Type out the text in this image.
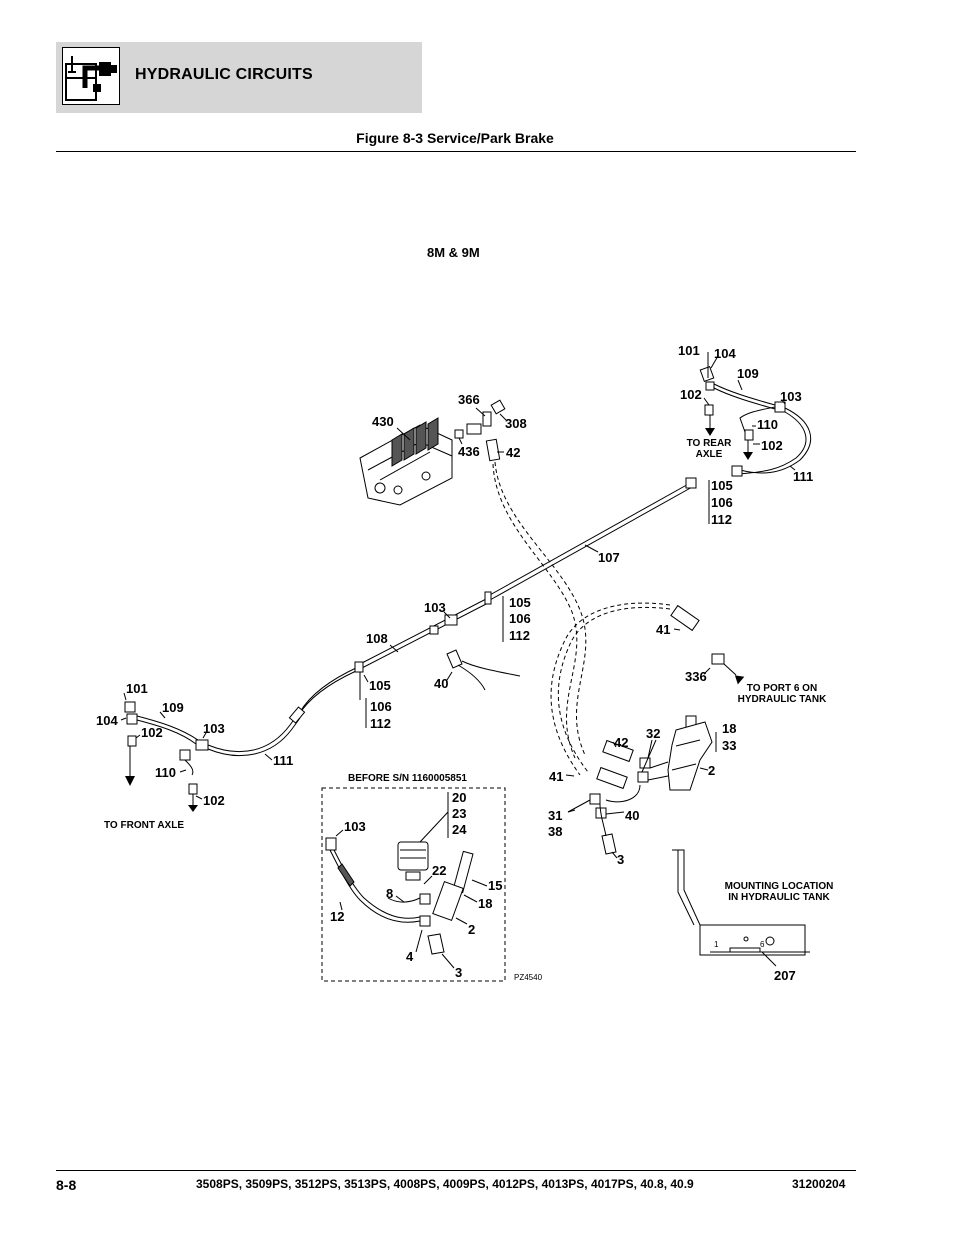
HYDRAULIC CIRCUITS
Figure 8-3 Service/Park Brake
8M & 9M
430
436
366
308
42
107
108
103	105
106
112
40
105
106
112
101 104
109
102	103
110
102
111
105
106
112
TO REAR
AXLE
41
336
TO PORT 6 ON
HYDRAULIC TANK
101
104
109
102	103
110
111
102
TO FRONT AXLE
18
33
2
42
32
41
31
38
40
3
BEFORE S/N 1160005851
20
23
24
103
22
8
15
18
12
2
4
3	PZ4540
1	6
MOUNTING LOCATION
IN HYDRAULIC TANK
207
8-8	3508PS, 3509PS, 3512PS, 3513PS, 4008PS, 4009PS, 4012PS, 4013PS, 4017PS, 40.8, 40.9	31200204
